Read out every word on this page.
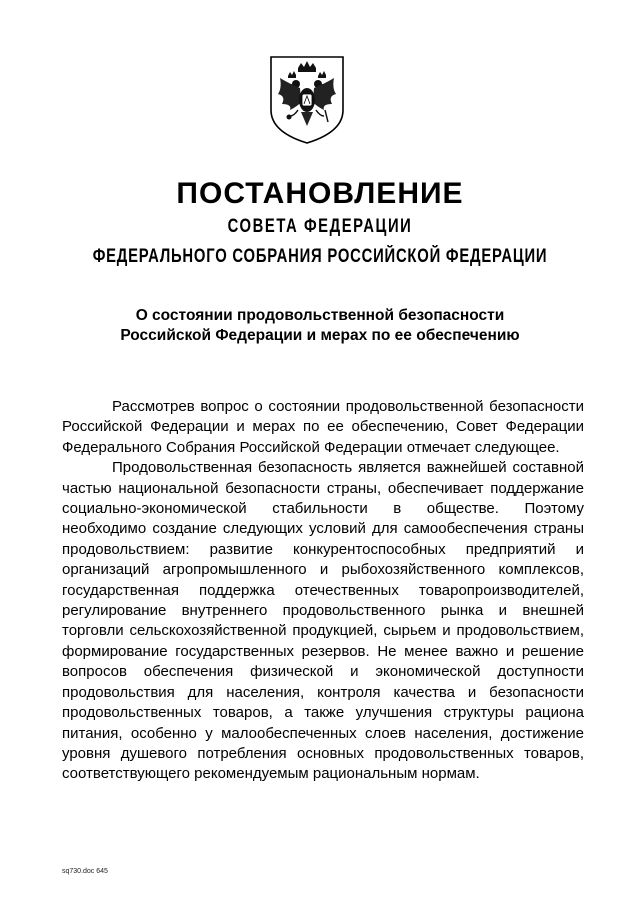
ПОСТАНОВЛЕНИЕ
СОВЕТА ФЕДЕРАЦИИ
ФЕДЕРАЛЬНОГО СОБРАНИЯ РОССИЙСКОЙ ФЕДЕРАЦИИ
О состоянии продовольственной безопасности
Российской Федерации и мерах по ее обеспечению

Рассмотрев вопрос о состоянии продовольственной безопасности Российской Федерации и мерах по ее обеспечению, Совет Федерации Федерального Собрания Российской Федерации отмечает следующее.

Продовольственная безопасность является важнейшей составной частью национальной безопасности страны, обеспечивает поддержание социально-экономической стабильности в обществе. Поэтому необходимо создание следующих условий для самообеспечения страны продовольствием: развитие конкурентоспособных предприятий и организаций агропромышленного и рыбохозяйственного комплексов, государственная поддержка отечественных товаропроизводителей, регулирование внутреннего продовольственного рынка и внешней торговли сельскохозяйственной продукцией, сырьем и продовольствием, формирование государственных резервов. Не менее важно и решение вопросов обеспечения физической и экономической доступности продовольствия для населения, контроля качества и безопасности продовольственных товаров, а также улучшения структуры рациона питания, особенно у малообеспеченных слоев населения, достижение уровня душевого потребления основных продовольственных товаров, соответствующего рекомендуемым рациональным нормам.

sq730.doc 645
